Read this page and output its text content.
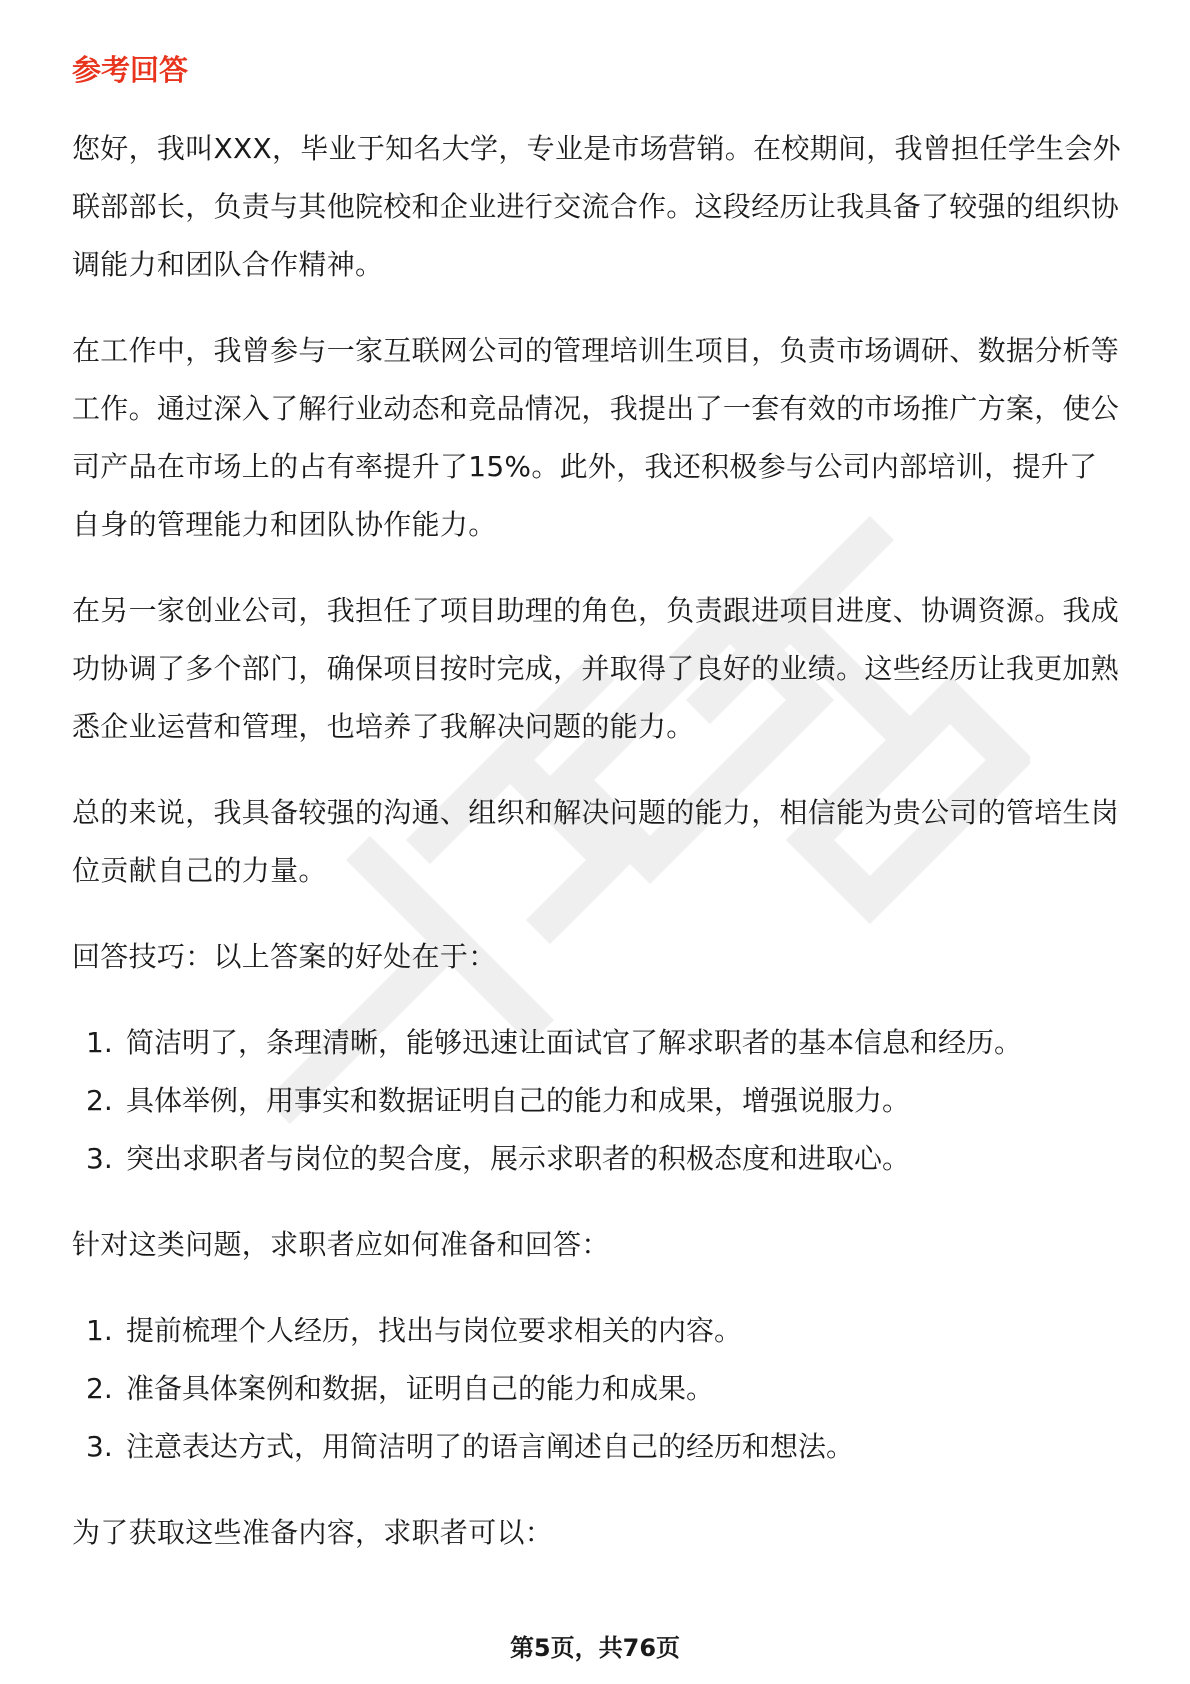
参考回答

您好，我叫XXX，毕业于知名大学，专业是市场营销。在校期间，我曾担任学生会外联部部长，负责与其他院校和企业进行交流合作。这段经历让我具备了较强的组织协调能力和团队合作精神。

在工作中，我曾参与一家互联网公司的管理培训生项目，负责市场调研、数据分析等工作。通过深入了解行业动态和竞品情况，我提出了一套有效的市场推广方案，使公司产品在市场上的占有率提升了15%。此外，我还积极参与公司内部培训，提升了自身的管理能力和团队协作能力。

在另一家创业公司，我担任了项目助理的角色，负责跟进项目进度、协调资源。我成功协调了多个部门，确保项目按时完成，并取得了良好的业绩。这些经历让我更加熟悉企业运营和管理，也培养了我解决问题的能力。

总的来说，我具备较强的沟通、组织和解决问题的能力，相信能为贵公司的管培生岗位贡献自己的力量。

回答技巧：以上答案的好处在于：

1. 简洁明了，条理清晰，能够迅速让面试官了解求职者的基本信息和经历。
2. 具体举例，用事实和数据证明自己的能力和成果，增强说服力。
3. 突出求职者与岗位的契合度，展示求职者的积极态度和进取心。

针对这类问题，求职者应如何准备和回答：

1. 提前梳理个人经历，找出与岗位要求相关的内容。
2. 准备具体案例和数据，证明自己的能力和成果。
3. 注意表达方式，用简洁明了的语言阐述自己的经历和想法。

为了获取这些准备内容，求职者可以：

第5页，共76页
